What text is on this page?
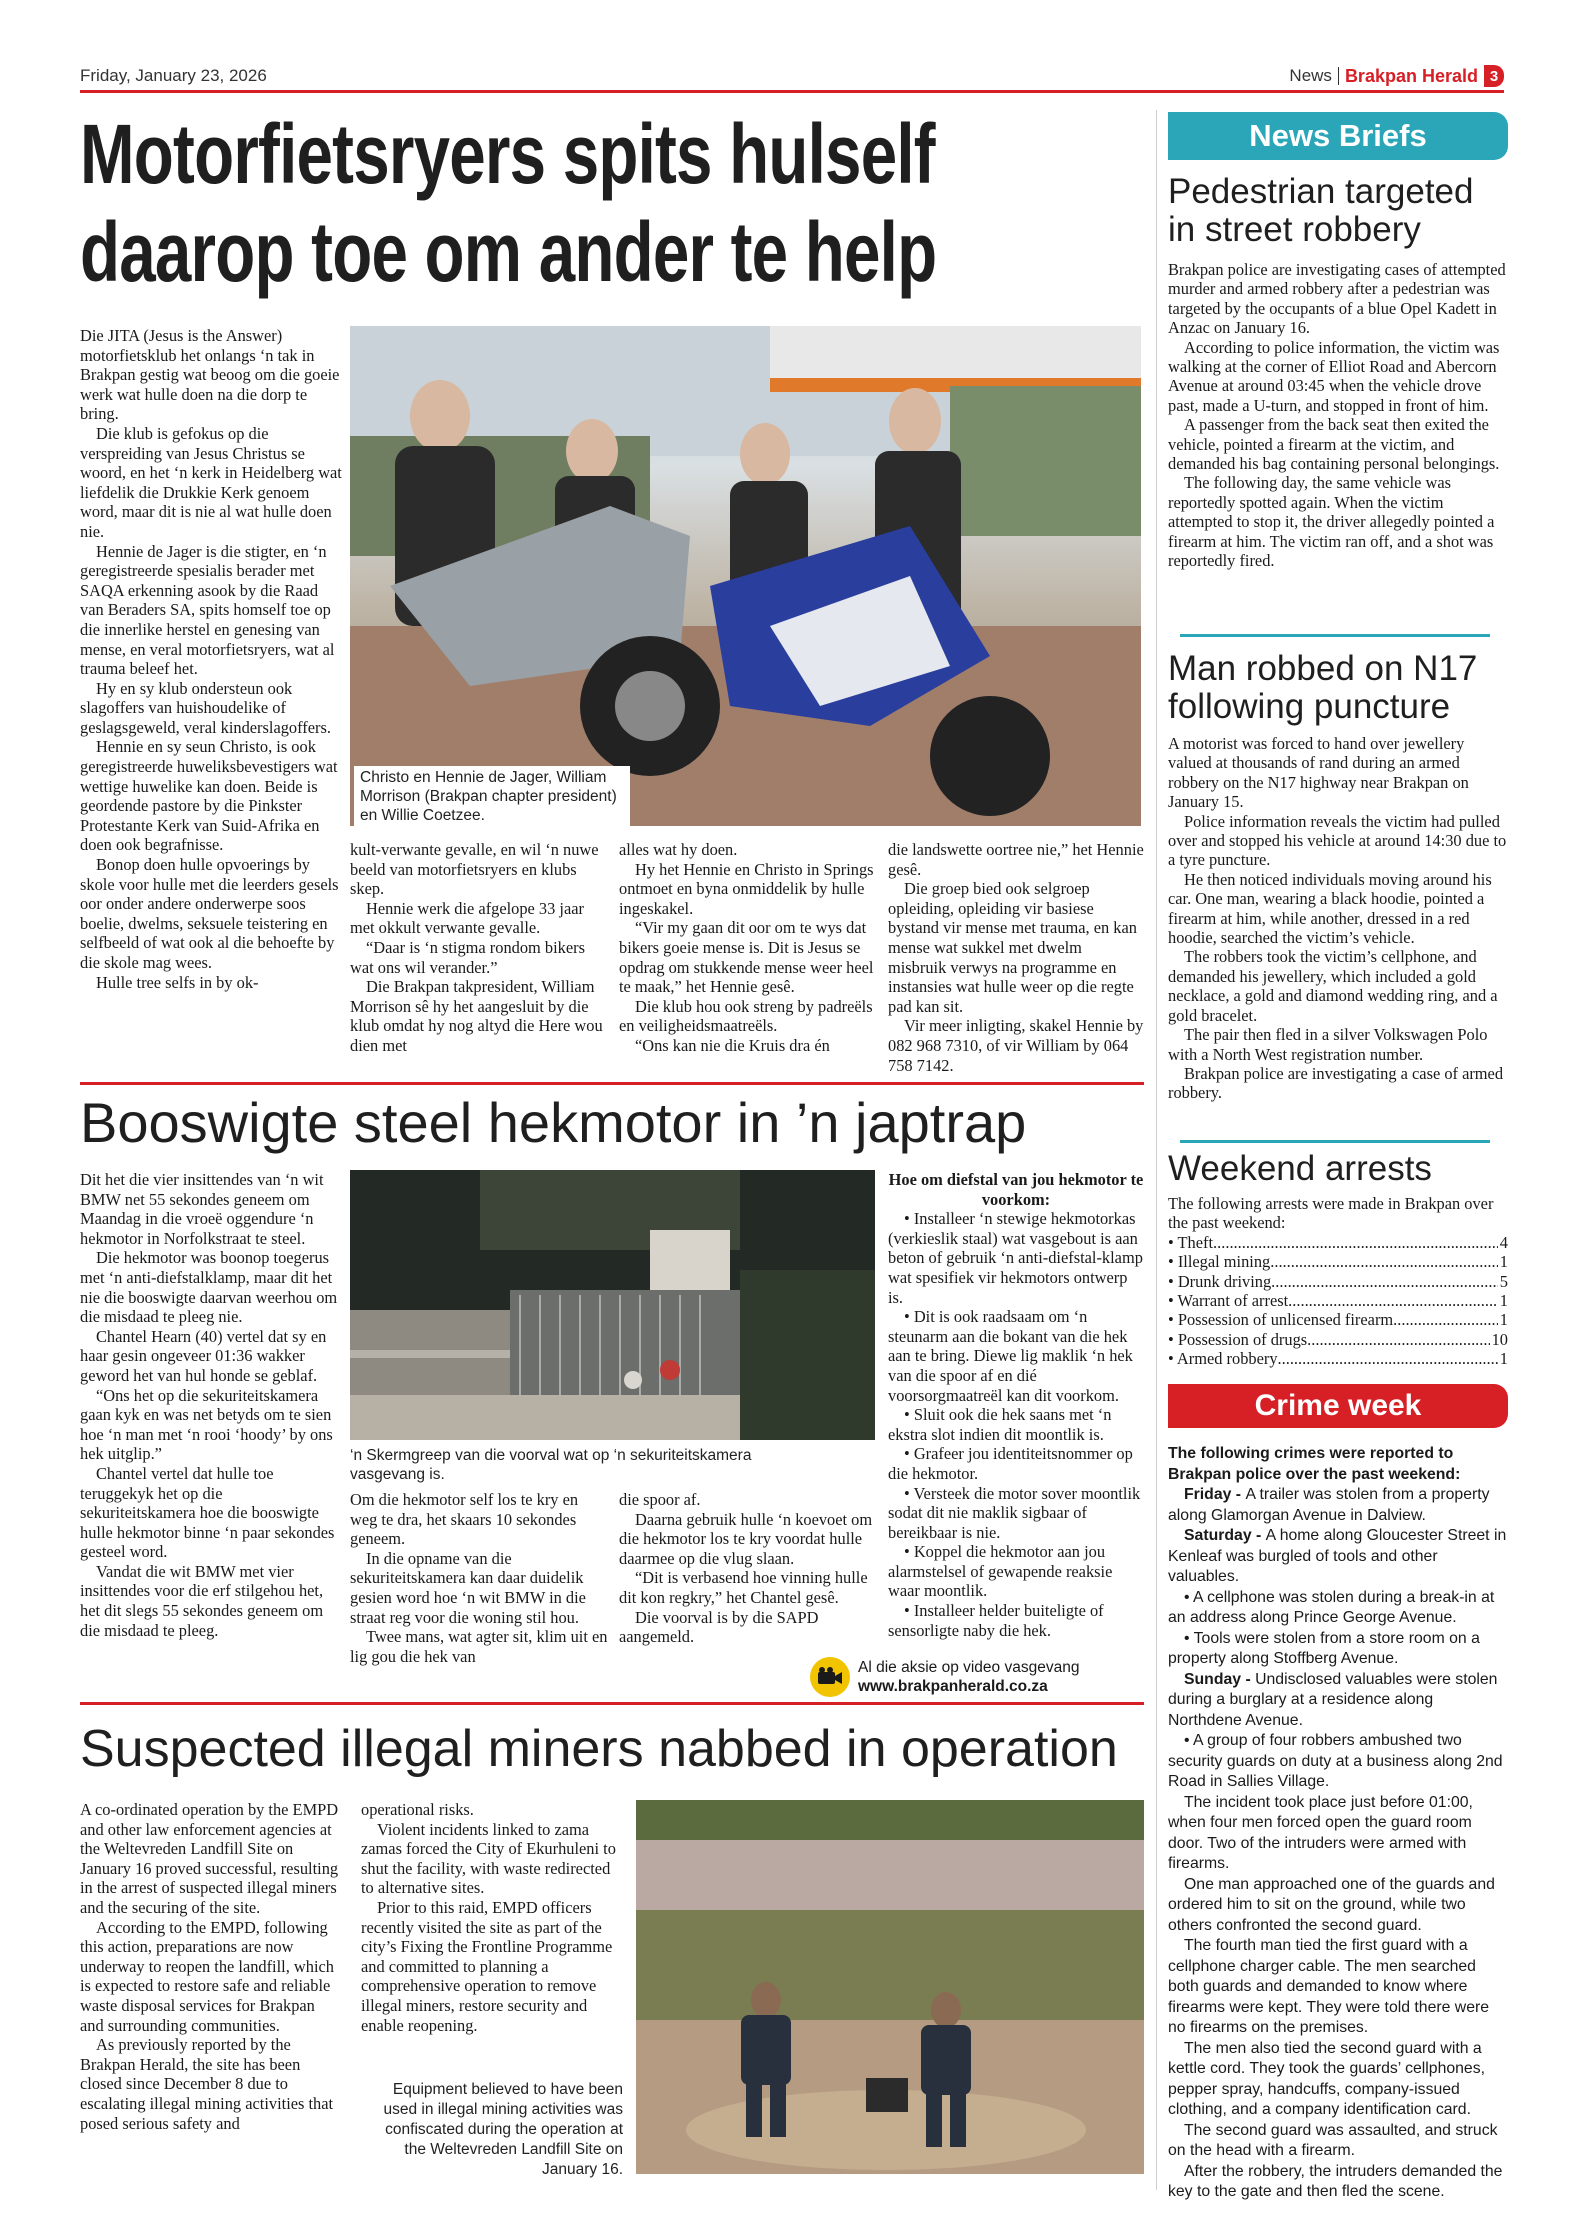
Friday, January 23, 2026	News Brakpan Herald 3
Motorfietsryers spits hulself
daarop toe om ander te help

Die JITA (Jesus is the Answer) motorfietsklub het onlangs ‘n tak in Brakpan gestig wat beoog om die goeie werk wat hulle doen na die dorp te bring.

Die klub is gefokus op die verspreiding van Jesus Christus se woord, en het ‘n kerk in Heidelberg wat liefdelik die Drukkie Kerk genoem word, maar dit is nie al wat hulle doen nie.

Hennie de Jager is die stigter, en ‘n geregistreerde spesialis berader met SAQA erkenning asook by die Raad van Beraders SA, spits homself toe op die innerlike herstel en genesing van mense, en veral motorfietsryers, wat al trauma beleef het.

Hy en sy klub ondersteun ook slagoffers van huishoudelike of geslagsgeweld, veral kinderslagoffers.

Hennie en sy seun Christo, is ook geregistreerde huweliksbevestigers wat wettige huwelike kan doen. Beide is geordende pastore by die Pinkster Protestante Kerk van Suid-Afrika en doen ook begrafnisse.

Bonop doen hulle opvoerings by skole voor hulle met die leerders gesels oor onder andere onderwerpe soos boelie, dwelms, seksuele teistering en selfbeeld of wat ook al die behoefte by die skole mag wees.

Hulle tree selfs in by ok-

Christo en Hennie de Jager, William Morrison (Brakpan chapter president) en Willie Coetzee.

kult-verwante gevalle, en wil ‘n nuwe beeld van motorfietsryers en klubs skep.

Hennie werk die afgelope 33 jaar met okkult verwante gevalle.

“Daar is ‘n stigma rondom bikers wat ons wil verander.”

Die Brakpan takpresident, William Morrison sê hy het aangesluit by die klub omdat hy nog altyd die Here wou dien met

alles wat hy doen.

Hy het Hennie en Christo in Springs ontmoet en byna onmiddelik by hulle ingeskakel.

“Vir my gaan dit oor om te wys dat bikers goeie mense is. Dit is Jesus se opdrag om stukkende mense weer heel te maak,” het Hennie gesê.

Die klub hou ook streng by padreëls en veiligheidsmaatreëls.

“Ons kan nie die Kruis dra én

die landswette oortree nie,” het Hennie gesê.

Die groep bied ook selgroep opleiding, opleiding vir basiese bystand vir mense met trauma, en kan mense wat sukkel met dwelm misbruik verwys na programme en instansies wat hulle weer op die regte pad kan sit.

Vir meer inligting, skakel Hennie by 082 968 7310, of vir William by 064 758 7142.

Booswigte steel hekmotor in ’n japtrap

Dit het die vier insittendes van ‘n wit BMW net 55 sekondes geneem om Maandag in die vroeë oggendure ‘n hekmotor in Norfolkstraat te steel.

Die hekmotor was boonop toegerus met ‘n anti-diefstalklamp, maar dit het nie die booswigte daarvan weerhou om die misdaad te pleeg nie.

Chantel Hearn (40) vertel dat sy en haar gesin ongeveer 01:36 wakker geword het van hul honde se geblaf.

“Ons het op die sekuriteitskamera gaan kyk en was net betyds om te sien hoe ‘n man met ‘n rooi ‘hoody’ by ons hek uitglip.”

Chantel vertel dat hulle toe teruggekyk het op die sekuriteitskamera hoe die booswigte hulle hekmotor binne ‘n paar sekondes gesteel word.

Vandat die wit BMW met vier insittendes voor die erf stilgehou het, het dit slegs 55 sekondes geneem om die misdaad te pleeg.

‘n Skermgreep van die voorval wat op ‘n sekuriteitskamera vasgevang is.

Om die hekmotor self los te kry en weg te dra, het skaars 10 sekondes geneem.

In die opname van die sekuriteitskamera kan daar duidelik gesien word hoe ‘n wit BMW in die straat reg voor die woning stil hou.

Twee mans, wat agter sit, klim uit en lig gou die hek van

die spoor af.

Daarna gebruik hulle ‘n koevoet om die hekmotor los te kry voordat hulle daarmee op die vlug slaan.

“Dit is verbasend hoe vinning hulle dit kon regkry,” het Chantel gesê.

Die voorval is by die SAPD aangemeld.

Hoe om diefstal van jou hekmotor te voorkom:

• Installeer ‘n stewige hekmotorkas (verkieslik staal) wat vasgebout is aan beton of gebruik ‘n anti-diefstal-klamp wat spesifiek vir hekmotors ontwerp is.

• Dit is ook raadsaam om ‘n steunarm aan die bokant van die hek aan te bring. Diewe lig maklik ‘n hek van die spoor af en dié voorsorgmaatreël kan dit voorkom.

• Sluit ook die hek saans met ‘n ekstra slot indien dit moontlik is.

• Grafeer jou identiteitsnommer op die hekmotor.

• Versteek die motor sover moontlik sodat dit nie maklik sigbaar of bereikbaar is nie.

• Koppel die hekmotor aan jou alarmstelsel of gewapende reaksie waar moontlik.

• Installeer helder buiteligte of sensorligte naby die hek.

Al die aksie op video vasgevang
www.brakpanherald.co.za
Suspected illegal miners nabbed in operation

A co-ordinated operation by the EMPD and other law enforcement agencies at the Weltevreden Landfill Site on January 16 proved successful, resulting in the arrest of suspected illegal miners and the securing of the site.

According to the EMPD, following this action, preparations are now underway to reopen the landfill, which is expected to restore safe and reliable waste disposal services for Brakpan and surrounding communities.

As previously reported by the Brakpan Herald, the site has been closed since December 8 due to escalating illegal mining activities that posed serious safety and

operational risks.

Violent incidents linked to zama zamas forced the City of Ekurhuleni to shut the facility, with waste redirected to alternative sites.

Prior to this raid, EMPD officers recently visited the site as part of the city’s Fixing the Frontline Programme and committed to planning a comprehensive operation to remove illegal miners, restore security and enable reopening.

Equipment believed to have been used in illegal mining activities was confiscated during the operation at the Weltevreden Landfill Site on January 16.
News Briefs
Pedestrian targeted in street robbery

Brakpan police are investigating cases of attempted murder and armed robbery after a pedestrian was targeted by the occupants of a blue Opel Kadett in Anzac on January 16.

According to police information, the victim was walking at the corner of Elliot Road and Abercorn Avenue at around 03:45 when the vehicle drove past, made a U-turn, and stopped in front of him.

A passenger from the back seat then exited the vehicle, pointed a firearm at the victim, and demanded his bag containing personal belongings.

The following day, the same vehicle was reportedly spotted again. When the victim attempted to stop it, the driver allegedly pointed a firearm at him. The victim ran off, and a shot was reportedly fired.

Man robbed on N17 following puncture

A motorist was forced to hand over jewellery valued at thousands of rand during an armed robbery on the N17 highway near Brakpan on January 15.

Police information reveals the victim had pulled over and stopped his vehicle at around 14:30 due to a tyre puncture.

He then noticed individuals moving around his car. One man, wearing a black hoodie, pointed a firearm at him, while another, dressed in a red hoodie, searched the victim’s vehicle.

The robbers took the victim’s cellphone, and demanded his jewellery, which included a gold necklace, a gold and diamond wedding ring, and a gold bracelet.

The pair then fled in a silver Volkswagen Polo with a North West registration number.

Brakpan police are investigating a case of armed robbery.

Weekend arrests

The following arrests were made in Brakpan over the past weekend:

• Theft .....	4
• Illegal mining .....	1
• Drunk driving .....	5
• Warrant of arrest .....	1
• Possession of unlicensed firearm .....	1
• Possession of drugs .....	10
• Armed robbery .....	1
Crime week

The following crimes were reported to Brakpan police over the past weekend:

Friday - A trailer was stolen from a property along Glamorgan Avenue in Dalview.

Saturday - A home along Gloucester Street in Kenleaf was burgled of tools and other valuables.

• A cellphone was stolen during a break-in at an address along Prince George Avenue.

• Tools were stolen from a store room on a property along Stoffberg Avenue.

Sunday - Undisclosed valuables were stolen during a burglary at a residence along Northdene Avenue.

• A group of four robbers ambushed two security guards on duty at a business along 2nd Road in Sallies Village.

The incident took place just before 01:00, when four men forced open the guard room door. Two of the intruders were armed with firearms.

One man approached one of the guards and ordered him to sit on the ground, while two others confronted the second guard.

The fourth man tied the first guard with a cellphone charger cable. The men searched both guards and demanded to know where firearms were kept. They were told there were no firearms on the premises.

The men also tied the second guard with a kettle cord. They took the guards’ cellphones, pepper spray, handcuffs, company-issued clothing, and a company identification card.

The second guard was assaulted, and struck on the head with a firearm.

After the robbery, the intruders demanded the key to the gate and then fled the scene.
